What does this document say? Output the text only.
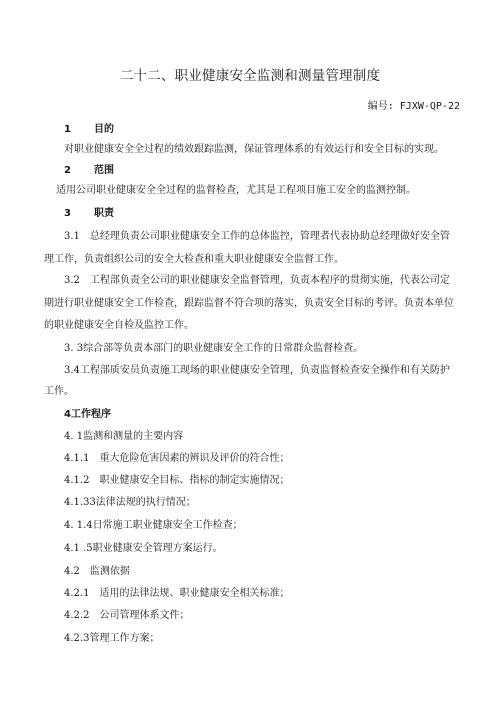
二十二、职业健康安全监测和测量管理制度
编号: FJXW-QP-22
1 目的
对职业健康安全全过程的绩效跟踪监测，保证管理体系的有效运行和安全目标的实现。
2 范围
适用公司职业健康安全全过程的监督检查，尤其是工程项目施工安全的监测控制。
3 职责
3.1　总经理负责公司职业健康安全工作的总体监控，管理者代表协助总经理做好安全管
理工作，负责组织公司的安全大检查和重大职业健康安全监督工作。
3.2　工程部负责全公司的职业健康安全监督管理，负责本程序的贯彻实施，代表公司定
期进行职业健康安全工作检查，跟踪监督不符合项的落实，负责安全目标的考评。负责本单位
的职业健康安全自检及监控工作。
3. 3综合部等负责本部门的职业健康安全工作的日常群众监督检查。
3.4工程部质安员负责施工现场的职业健康安全管理，负责监督检查安全操作和有关防护
工作。
4工作程序
4. 1监测和测量的主要内容
4.1.1　重大危险危害因素的辨识及评价的符合性；
4.1.2　职业健康安全目标、指标的制定实施情况；
4.1.33法律法规的执行情况；
4. 1.4日常施工职业健康安全工作检查；
4.1 .5职业健康安全管理方案运行。
4.2　监测依据
4.2.1　适用的法律法规、职业健康安全相关标准；
4.2.2　公司管理体系文件；
4.2.3管理工作方案；
